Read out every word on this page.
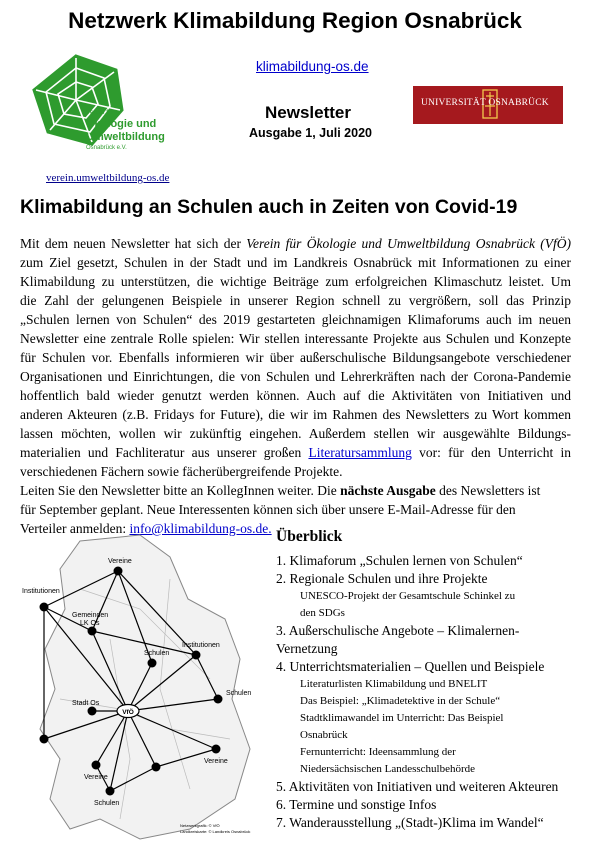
Netzwerk Klimabildung Region Osnabrück
Verein für
Ökologie und
Umweltbildung
Osnabrück e.V.
verein.umweltbildung-os.de
klimabildung-os.de
Newsletter
Ausgabe 1, Juli 2020
UNIVERSITÄT OSNABRÜCK
Klimabildung an Schulen auch in Zeiten von Covid-19
Mit dem neuen Newsletter hat sich der Verein für Ökologie und Umweltbildung Osnabrück (VfÖ)
zum Ziel gesetzt, Schulen in der Stadt und im Landkreis Osnabrück mit Informationen zu einer
Klimabildung zu unterstützen, die wichtige Beiträge zum erfolgreichen Klimaschutz leistet. Um
die Zahl der gelungenen Beispiele in unserer Region schnell zu vergrößern, soll das Prinzip
„Schulen lernen von Schulen“ des 2019 gestarteten gleichnamigen Klimaforums auch im neuen
Newsletter eine zentrale Rolle spielen: Wir stellen interessante Projekte aus Schulen und Konzepte
für Schulen vor. Ebenfalls informieren wir über außerschulische Bildungsangebote verschiedener
Organisationen und Einrichtungen, die von Schulen und Lehrerkräften nach der Corona-Pandemie
hoffentlich bald wieder genutzt werden können. Auch auf die Aktivitäten von Initiativen und
anderen Akteuren (z.B. Fridays for Future), die wir im Rahmen des Newsletters zu Wort kommen
lassen möchten, wollen wir zukünftig eingehen. Außerdem stellen wir ausgewählte Bildungs-
materialien und Fachliteratur aus unserer großen Literatursammlung vor: für den Unterricht in
verschiedenen Fächern sowie fächerübergreifende Projekte.
Leiten Sie den Newsletter bitte an KollegInnen weiter. Die nächste Ausgabe des Newsletters ist
für September geplant. Neue Interessenten können sich über unsere E-Mail-Adresse für den
Verteiler anmelden: info@klimabildung-os.de.
VfÖ
Vereine
Institutionen
Gemeinden
LK Os
Schulen
Institutionen
Schulen
Stadt Os
Vereine
Vereine
Schulen
Netzwerkgrafik: © VfÖ
Landkreiskarte: © Landkreis Osnabrück
Überblick
1. Klimaforum „Schulen lernen von Schulen“
2. Regionale Schulen und ihre Projekte
UNESCO-Projekt der Gesamtschule Schinkel zu
den SDGs
3. Außerschulische Angebote – Klimalernen-
Vernetzung
4. Unterrichtsmaterialien – Quellen und Beispiele
Literaturlisten Klimabildung und BNELIT
Das Beispiel: „Klimadetektive in der Schule“
Stadtklimawandel im Unterricht: Das Beispiel
Osnabrück
Fernunterricht: Ideensammlung der
Niedersächsischen Landesschulbehörde
5. Aktivitäten von Initiativen und weiteren Akteuren
6. Termine und sonstige Infos
7. Wanderausstellung „(Stadt-)Klima im Wandel“
